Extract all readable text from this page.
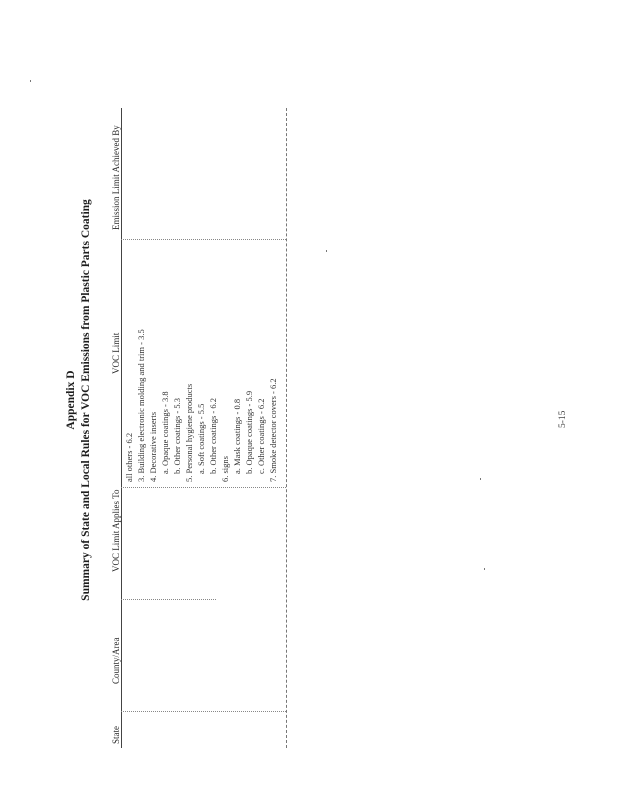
Appendix D Summary of State and Local Rules for VOC Emissions from Plastic Parts Coating
State
County/Area
VOC Limit Applies To
VOC Limit
Emission Limit Achieved By
all others - 6.2 3. Building electronic molding and trim - 3.5 4. Decorative inserts a. Opaque coatings - 3.8 b. Other coatings - 5.3 5. Personal hygiene products a. Soft coatings - 5.5 b. Other coatings - 6.2 6. signs a. Mask coatings - 0.8 b. Opaque coatings - 5.9 c. Other coatings - 6.2 7. Smoke detector covers - 6.2	5-15
